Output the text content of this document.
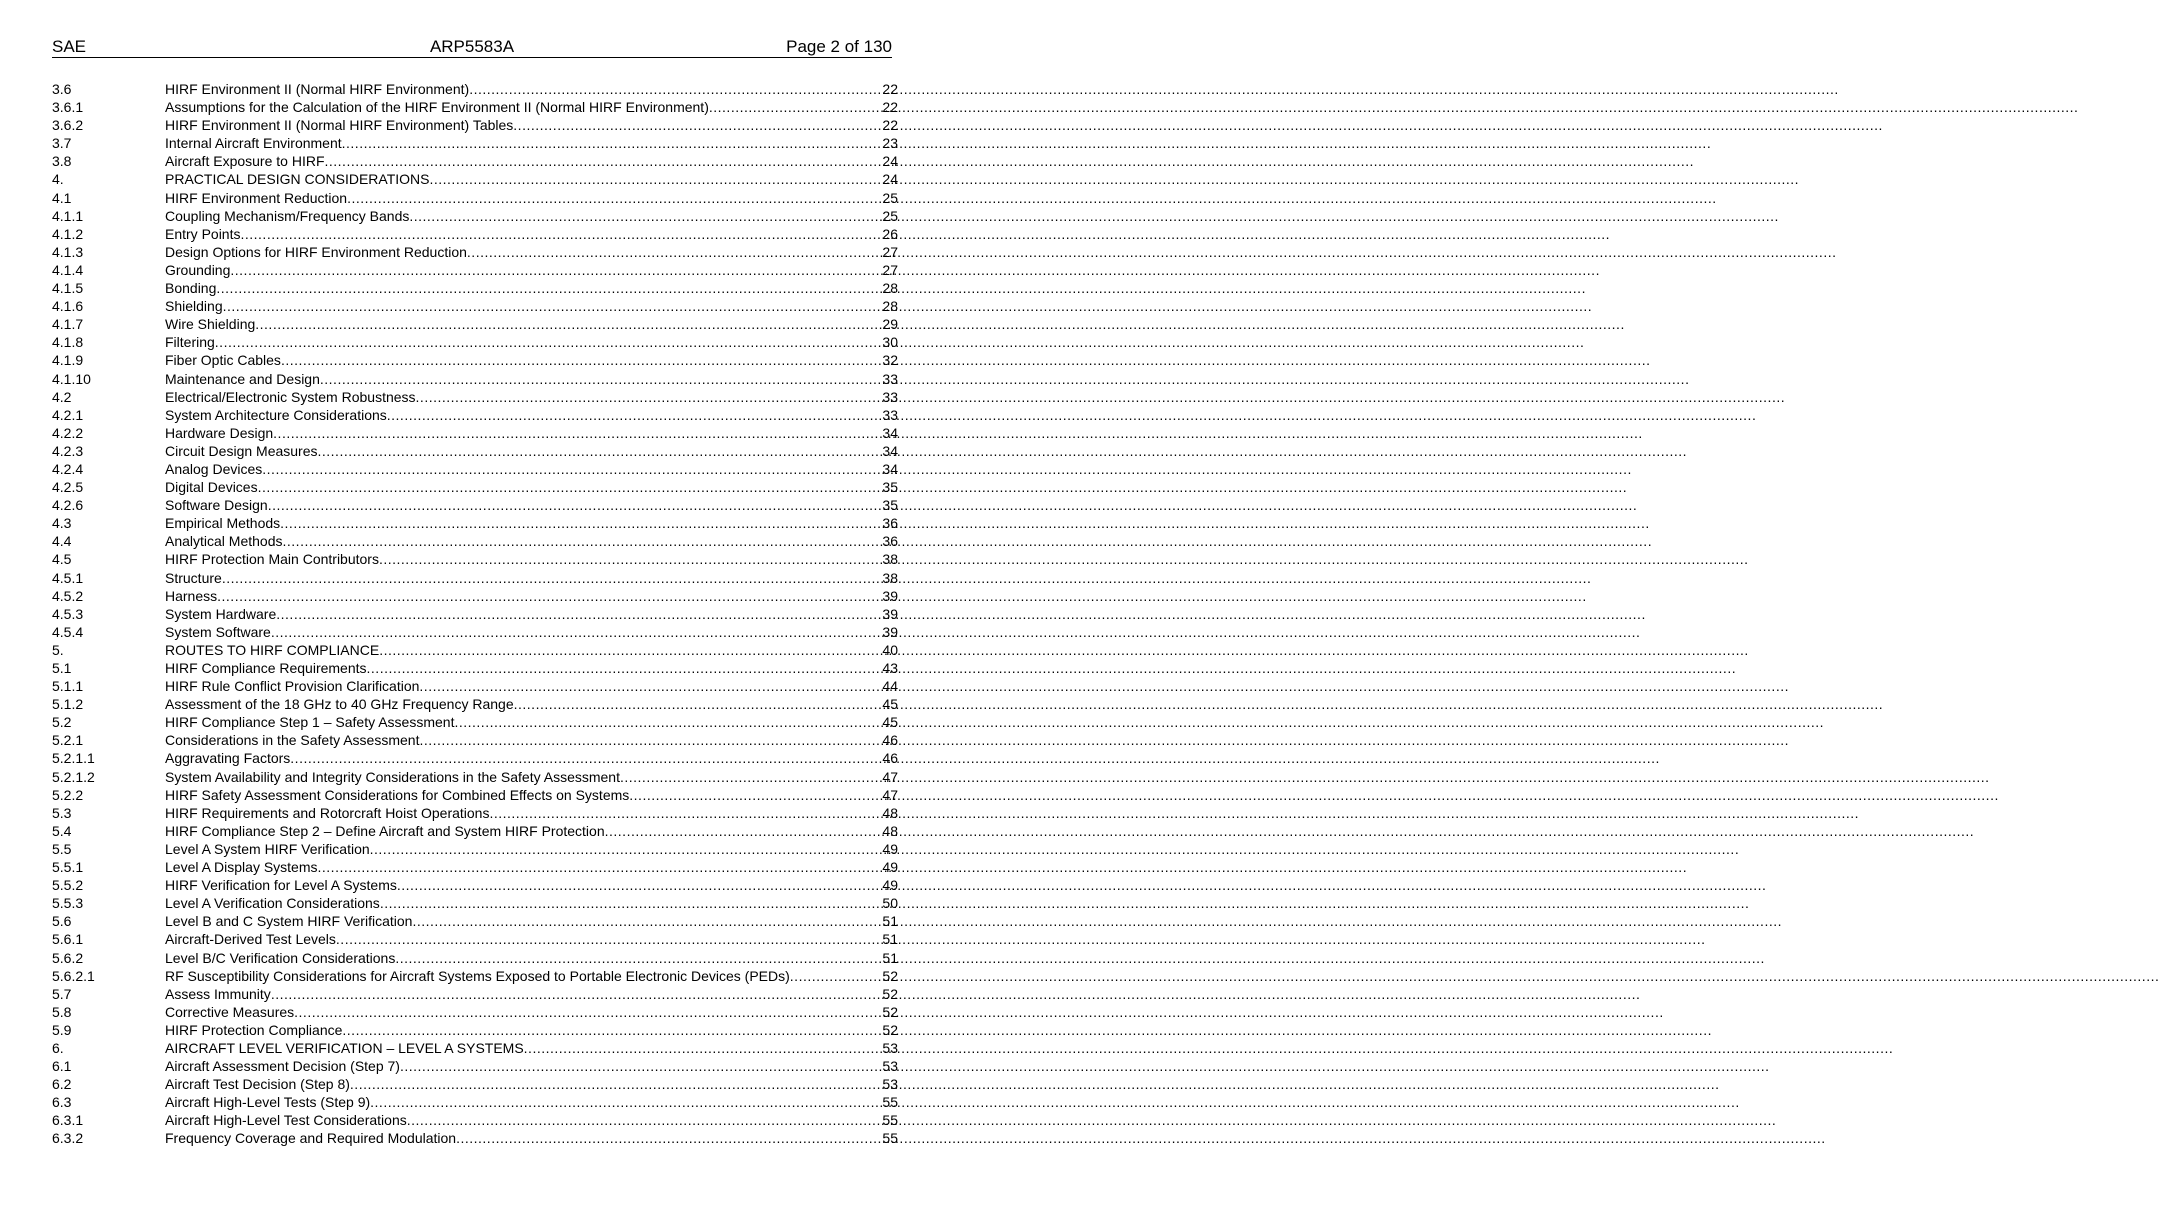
SAE	ARP5583A	Page 2 of 130
3.6	HIRF Environment II (Normal HIRF Environment) .....	22
3.6.1	Assumptions for the Calculation of the HIRF Environment II (Normal HIRF Environment) .....	22
3.6.2	HIRF Environment II (Normal HIRF Environment) Tables .....	22
3.7	Internal Aircraft Environment .....	23
3.8	Aircraft Exposure to HIRF .....	24
4.	PRACTICAL DESIGN CONSIDERATIONS .....	24
4.1	HIRF Environment Reduction .....	25
4.1.1	Coupling Mechanism/Frequency Bands .....	25
4.1.2	Entry Points .....	26
4.1.3	Design Options for HIRF Environment Reduction .....	27
4.1.4	Grounding .....	27
4.1.5	Bonding .....	28
4.1.6	Shielding .....	28
4.1.7	Wire Shielding .....	29
4.1.8	Filtering .....	30
4.1.9	Fiber Optic Cables .....	32
4.1.10	Maintenance and Design .....	33
4.2	Electrical/Electronic System Robustness .....	33
4.2.1	System Architecture Considerations .....	33
4.2.2	Hardware Design .....	34
4.2.3	Circuit Design Measures .....	34
4.2.4	Analog Devices .....	34
4.2.5	Digital Devices .....	35
4.2.6	Software Design .....	35
4.3	Empirical Methods .....	36
4.4	Analytical Methods .....	36
4.5	HIRF Protection Main Contributors .....	38
4.5.1	Structure .....	38
4.5.2	Harness .....	39
4.5.3	System Hardware .....	39
4.5.4	System Software .....	39
5.	ROUTES TO HIRF COMPLIANCE .....	40
5.1	HIRF Compliance Requirements .....	43
5.1.1	HIRF Rule Conflict Provision Clarification .....	44
5.1.2	Assessment of the 18 GHz to 40 GHz Frequency Range .....	45
5.2	HIRF Compliance Step 1 – Safety Assessment .....	45
5.2.1	Considerations in the Safety Assessment .....	46
5.2.1.1	Aggravating Factors .....	46
5.2.1.2	System Availability and Integrity Considerations in the Safety Assessment .....	47
5.2.2	HIRF Safety Assessment Considerations for Combined Effects on Systems .....	47
5.3	HIRF Requirements and Rotorcraft Hoist Operations .....	48
5.4	HIRF Compliance Step 2 – Define Aircraft and System HIRF Protection .....	48
5.5	Level A System HIRF Verification .....	49
5.5.1	Level A Display Systems .....	49
5.5.2	HIRF Verification for Level A Systems .....	49
5.5.3	Level A Verification Considerations .....	50
5.6	Level B and C System HIRF Verification .....	51
5.6.1	Aircraft-Derived Test Levels .....	51
5.6.2	Level B/C Verification Considerations .....	51
5.6.2.1	RF Susceptibility Considerations for Aircraft Systems Exposed to Portable Electronic Devices (PEDs) .....	52
5.7	Assess Immunity .....	52
5.8	Corrective Measures .....	52
5.9	HIRF Protection Compliance .....	52
6.	AIRCRAFT LEVEL VERIFICATION – LEVEL A SYSTEMS .....	53
6.1	Aircraft Assessment Decision (Step 7) .....	53
6.2	Aircraft Test Decision (Step 8) .....	53
6.3	Aircraft High-Level Tests (Step 9) .....	55
6.3.1	Aircraft High-Level Test Considerations .....	55
6.3.2	Frequency Coverage and Required Modulation .....	55
